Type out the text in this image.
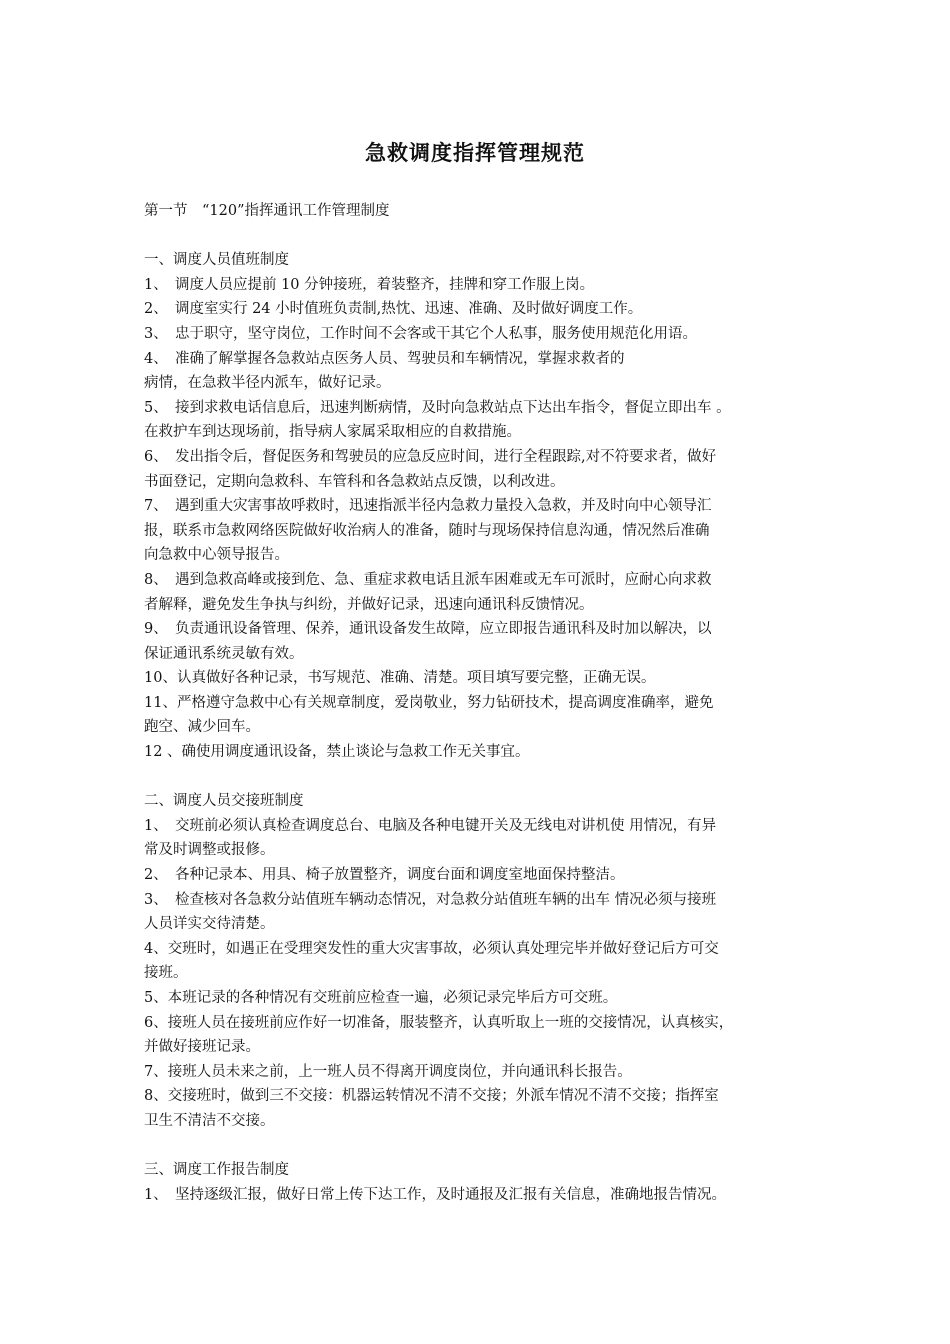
急救调度指挥管理规范
第一节　“120”指挥通讯工作管理制度
一、调度人员值班制度
1、　调度人员应提前 10 分钟接班，着装整齐，挂牌和穿工作服上岗。
2、　调度室实行 24 小时值班负责制,热忱、迅速、准确、及时做好调度工作。
3、　忠于职守，坚守岗位，工作时间不会客或干其它个人私事，服务使用规范化用语。
4、　准确了解掌握各急救站点医务人员、驾驶员和车辆情况，掌握求救者的
病情，在急救半径内派车，做好记录。
5、　接到求救电话信息后，迅速判断病情，及时向急救站点下达出车指令，督促立即出车 。
在救护车到达现场前，指导病人家属采取相应的自救措施。
6、　发出指令后，督促医务和驾驶员的应急反应时间，进行全程跟踪,对不符要求者，做好
书面登记，定期向急救科、车管科和各急救站点反馈，以利改进。
7、　遇到重大灾害事故呼救时，迅速指派半径内急救力量投入急救，并及时向中心领导汇
报，联系市急救网络医院做好收治病人的准备，随时与现场保持信息沟通，情况然后准确
向急救中心领导报告。
8、　遇到急救高峰或接到危、急、重症求救电话且派车困难或无车可派时，应耐心向求救
者解释，避免发生争执与纠纷，并做好记录，迅速向通讯科反馈情况。
9、　负责通讯设备管理、保养，通讯设备发生故障，应立即报告通讯科及时加以解决，以
保证通讯系统灵敏有效。
10、认真做好各种记录，书写规范、准确、清楚。项目填写要完整，正确无误。
11、严格遵守急救中心有关规章制度，爱岗敬业，努力钻研技术，提高调度准确率，避免
跑空、减少回车。
12 、确使用调度通讯设备，禁止谈论与急救工作无关事宜。
二、调度人员交接班制度
1、　交班前必须认真检查调度总台、电脑及各种电键开关及无线电对讲机使 用情况，有异
常及时调整或报修。
2、　各种记录本、用具、椅子放置整齐，调度台面和调度室地面保持整洁。
3、　检查核对各急救分站值班车辆动态情况，对急救分站值班车辆的出车 情况必须与接班
人员详实交待清楚。
4、交班时，如遇正在受理突发性的重大灾害事故，必须认真处理完毕并做好登记后方可交
接班。
5、本班记录的各种情况有交班前应检查一遍，必须记录完毕后方可交班。
6、接班人员在接班前应作好一切准备，服装整齐，认真听取上一班的交接情况，认真核实，
并做好接班记录。
7、接班人员未来之前，上一班人员不得离开调度岗位，并向通讯科长报告。
8、交接班时，做到三不交接：机器运转情况不清不交接；外派车情况不清不交接；指挥室
卫生不清洁不交接。
三、调度工作报告制度
1、　坚持逐级汇报，做好日常上传下达工作，及时通报及汇报有关信息，准确地报告情况。
